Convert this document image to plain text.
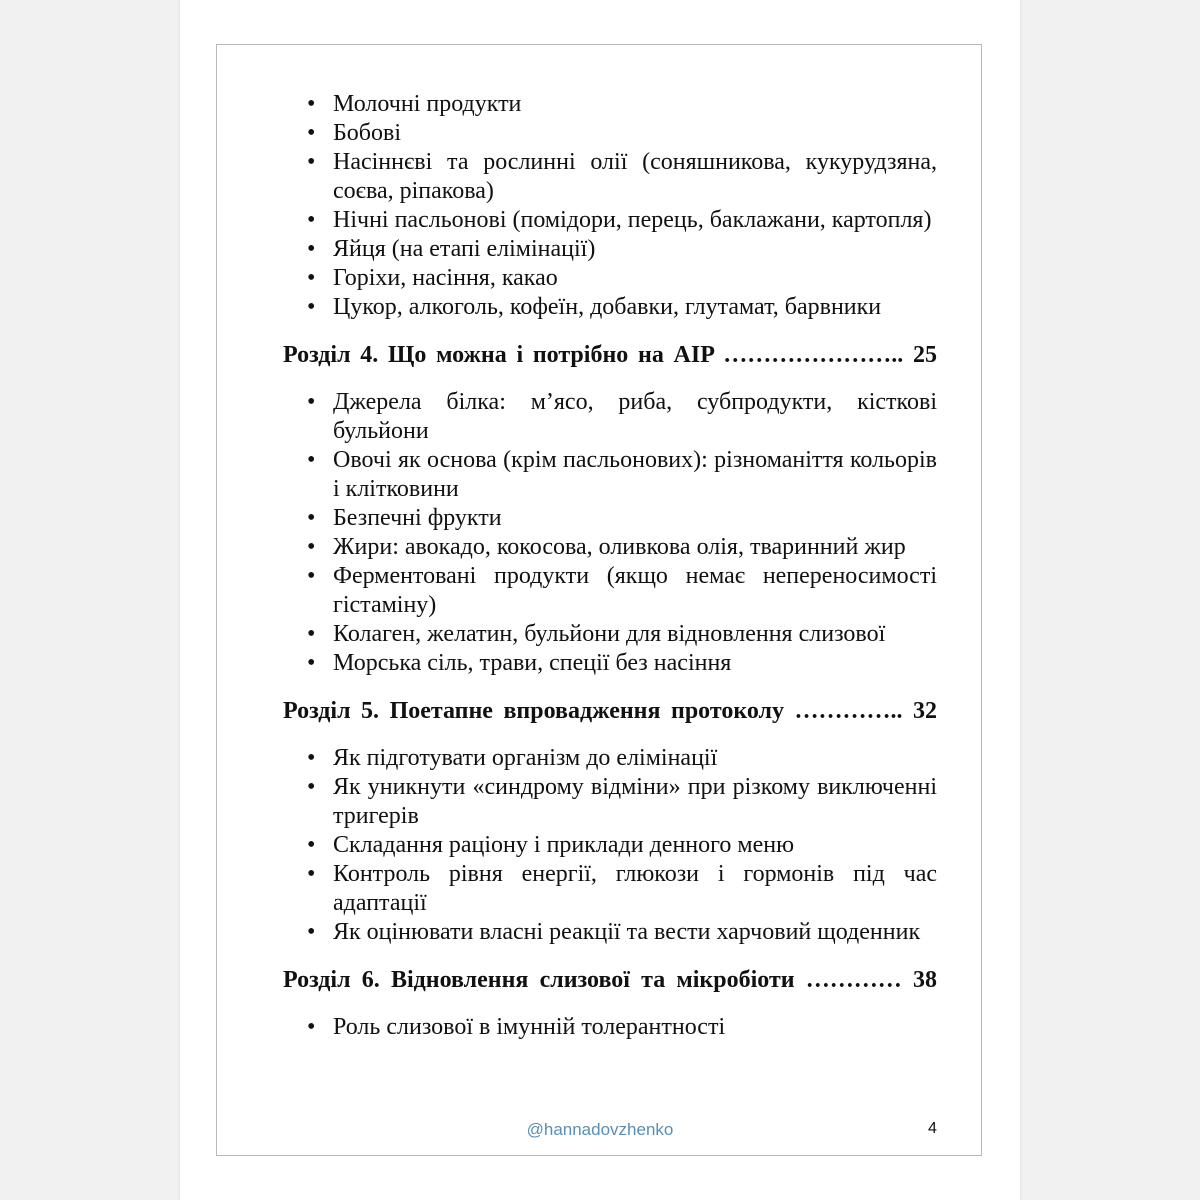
• Молочні продукти
• Бобові
• Насіннєві та рослинні олії (соняшникова, кукурудзяна, соєва, ріпакова)
• Нічні пасльонові (помідори, перець, баклажани, картопля)
• Яйця (на етапі елімінації)
• Горіхи, насіння, какао
• Цукор, алкоголь, кофеїн, добавки, глутамат, барвники
Розділ 4. Що можна і потрібно на AIP ………………….. 25
• Джерела білка: м’ясо, риба, субпродукти, кісткові бульйони
• Овочі як основа (крім пасльонових): різноманіття кольорів і клітковини
• Безпечні фрукти
• Жири: авокадо, кокосова, оливкова олія, тваринний жир
• Ферментовані продукти (якщо немає непереносимості гістаміну)
• Колаген, желатин, бульйони для відновлення слизової
• Морська сіль, трави, спеції без насіння
Розділ 5. Поетапне впровадження протоколу ………….. 32
• Як підготувати організм до елімінації
• Як уникнути «синдрому відміни» при різкому виключенні тригерів
• Складання раціону і приклади денного меню
• Контроль рівня енергії, глюкози і гормонів під час адаптації
• Як оцінювати власні реакції та вести харчовий щоденник
Розділ 6. Відновлення слизової та мікробіоти ………… 38
• Роль слизової в імунній толерантності
@hannadovzhenko	4
